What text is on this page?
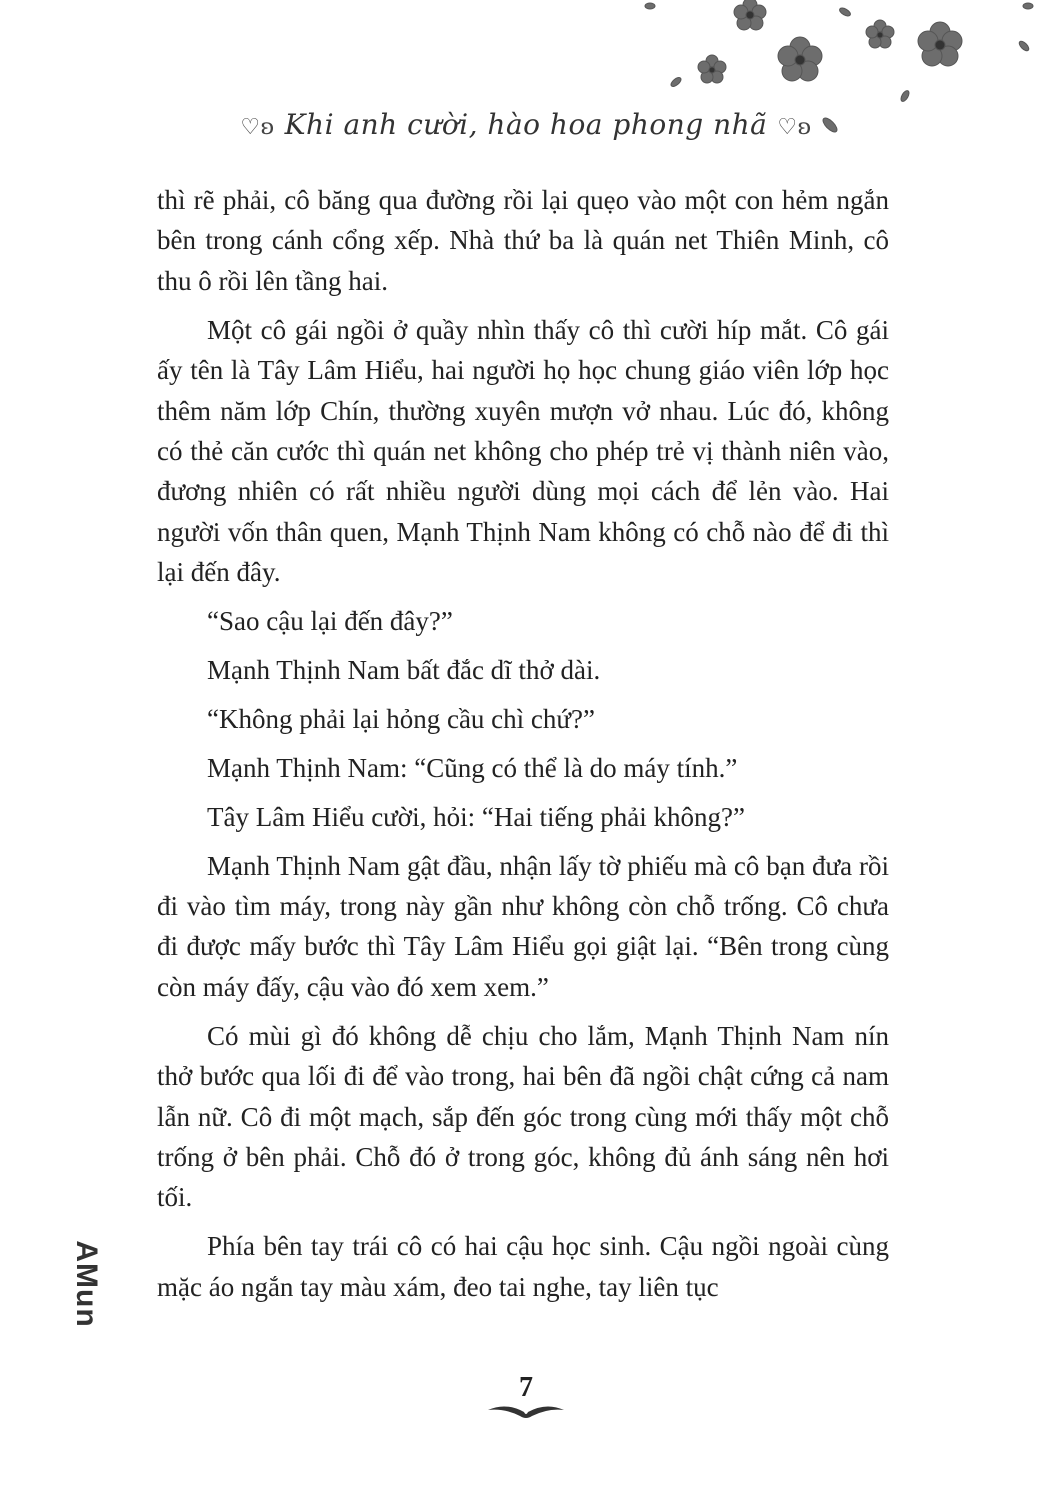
♡ʚ Khi anh cười, hào hoa phong nhã ♡ʚ

thì rẽ phải, cô băng qua đường rồi lại quẹo vào một con hẻm ngắn bên trong cánh cổng xếp. Nhà thứ ba là quán net Thiên Minh, cô thu ô rồi lên tầng hai.

Một cô gái ngồi ở quầy nhìn thấy cô thì cười híp mắt. Cô gái ấy tên là Tây Lâm Hiểu, hai người họ học chung giáo viên lớp học thêm năm lớp Chín, thường xuyên mượn vở nhau. Lúc đó, không có thẻ căn cước thì quán net không cho phép trẻ vị thành niên vào, đương nhiên có rất nhiều người dùng mọi cách để lẻn vào. Hai người vốn thân quen, Mạnh Thịnh Nam không có chỗ nào để đi thì lại đến đây.

“Sao cậu lại đến đây?”

Mạnh Thịnh Nam bất đắc dĩ thở dài.

“Không phải lại hỏng cầu chì chứ?”

Mạnh Thịnh Nam: “Cũng có thể là do máy tính.”

Tây Lâm Hiểu cười, hỏi: “Hai tiếng phải không?”

Mạnh Thịnh Nam gật đầu, nhận lấy tờ phiếu mà cô bạn đưa rồi đi vào tìm máy, trong này gần như không còn chỗ trống. Cô chưa đi được mấy bước thì Tây Lâm Hiểu gọi giật lại. “Bên trong cùng còn máy đấy, cậu vào đó xem xem.”

Có mùi gì đó không dễ chịu cho lắm, Mạnh Thịnh Nam nín thở bước qua lối đi để vào trong, hai bên đã ngồi chật cứng cả nam lẫn nữ. Cô đi một mạch, sắp đến góc trong cùng mới thấy một chỗ trống ở bên phải. Chỗ đó ở trong góc, không đủ ánh sáng nên hơi tối.

Phía bên tay trái cô có hai cậu học sinh. Cậu ngồi ngoài cùng mặc áo ngắn tay màu xám, đeo tai nghe, tay liên tục

AMun
7
